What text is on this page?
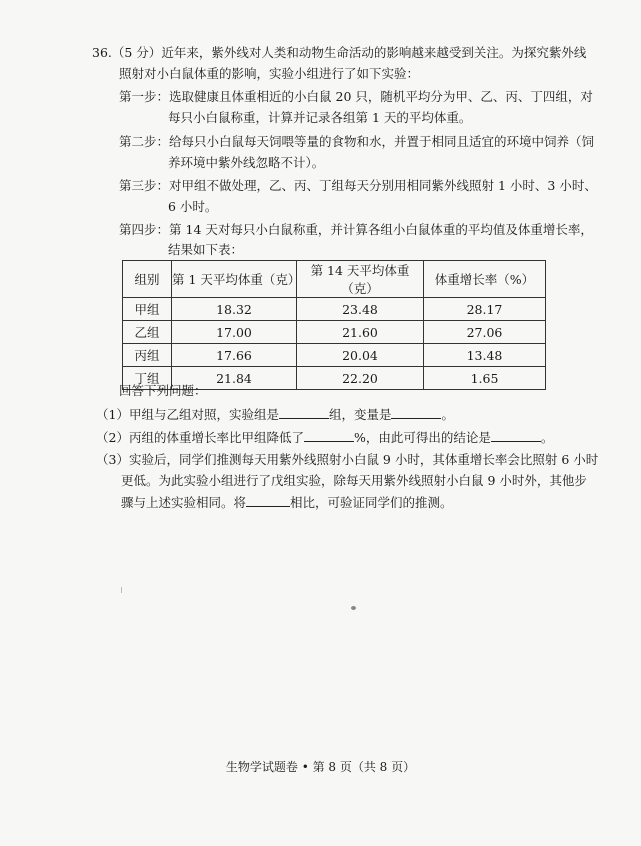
36.（5 分）近年来，紫外线对人类和动物生命活动的影响越来越受到关注。为探究紫外线
照射对小白鼠体重的影响，实验小组进行了如下实验：
第一步：选取健康且体重相近的小白鼠 20 只，随机平均分为甲、乙、丙、丁四组，对
每只小白鼠称重，计算并记录各组第 1 天的平均体重。
第二步：给每只小白鼠每天饲喂等量的食物和水，并置于相同且适宜的环境中饲养（饲
养环境中紫外线忽略不计）。
第三步：对甲组不做处理，乙、丙、丁组每天分别用相同紫外线照射 1 小时、3 小时、
6 小时。
第四步：第 14 天对每只小白鼠称重，并计算各组小白鼠体重的平均值及体重增长率，
结果如下表：
组别	第 1 天平均体重（克）	第 14 天平均体重（克）	体重增长率（%）
甲组	18.32	23.48	28.17
乙组	17.00	21.60	27.06
丙组	17.66	20.04	13.48
丁组	21.84	22.20	1.65
回答下列问题：
（1）甲组与乙组对照，实验组是	组，变量是	。
（2）丙组的体重增长率比甲组降低了	%，由此可得出的结论是	。
（3）实验后，同学们推测每天用紫外线照射小白鼠 9 小时，其体重增长率会比照射 6 小时
更低。为此实验小组进行了戊组实验，除每天用紫外线照射小白鼠 9 小时外，其他步
骤与上述实验相同。将	相比，可验证同学们的推测。
生物学试题卷 • 第 8 页（共 8 页）
